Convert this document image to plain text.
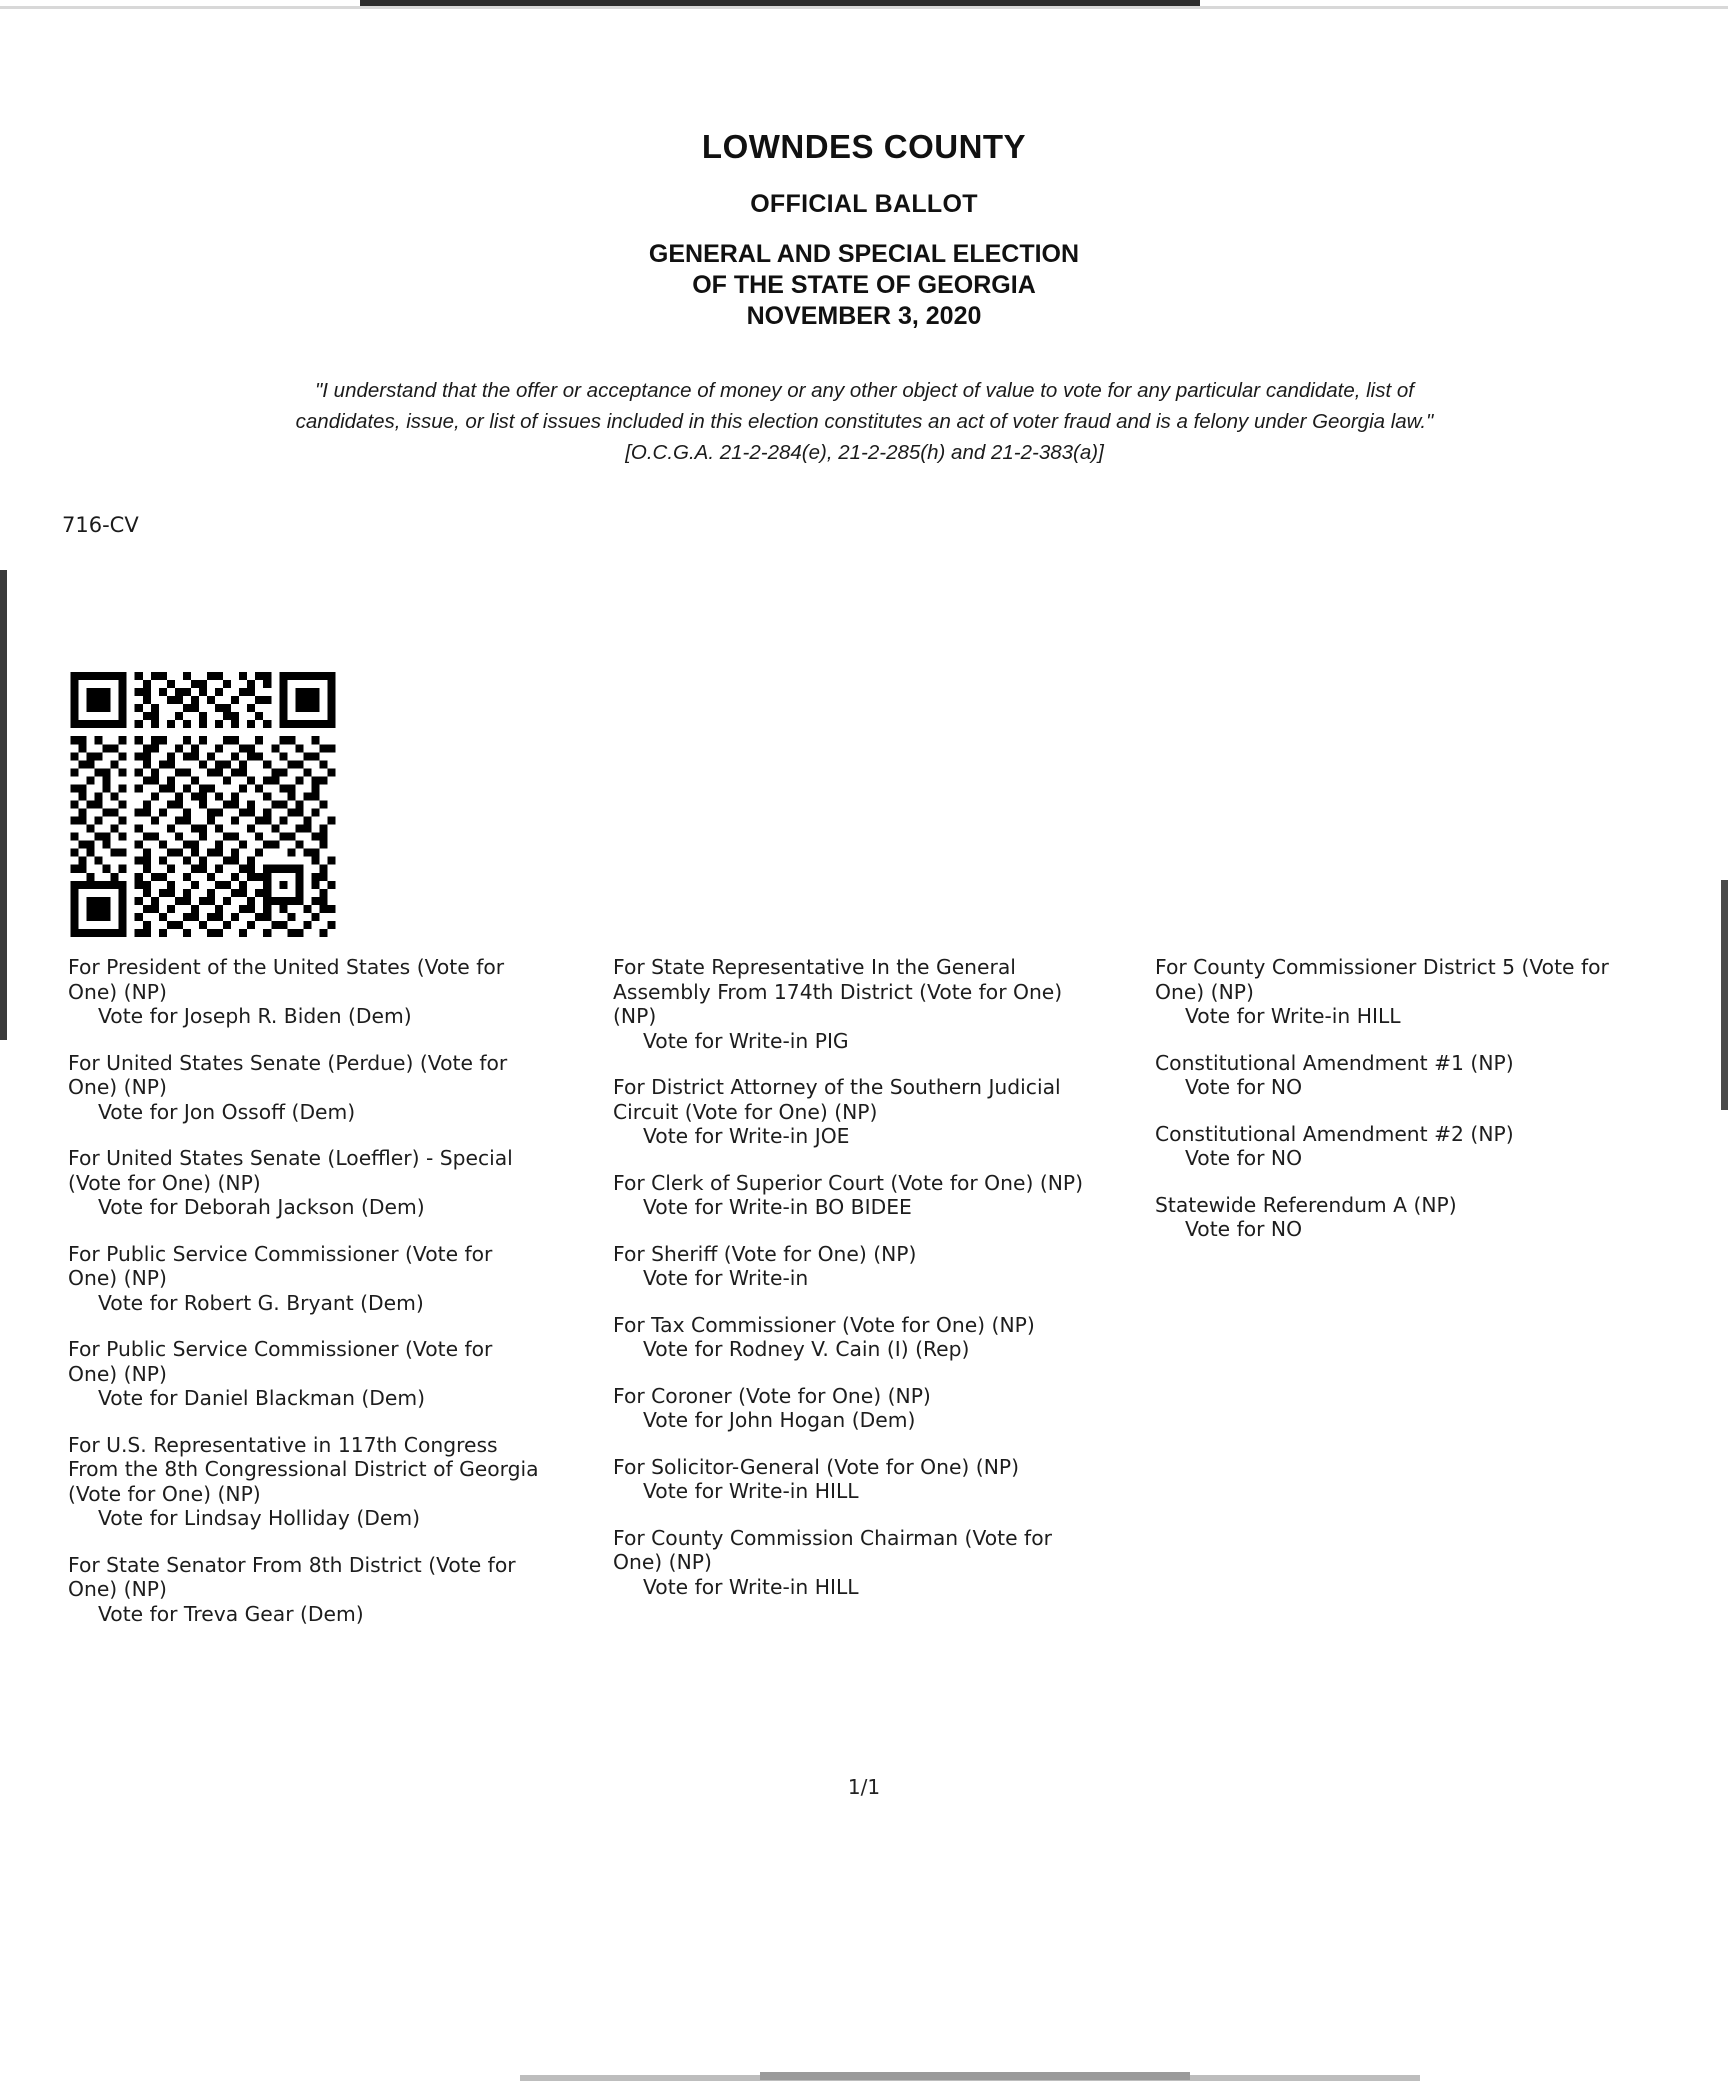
LOWNDES COUNTY
OFFICIAL BALLOT
GENERAL AND SPECIAL ELECTION
OF THE STATE OF GEORGIA
NOVEMBER 3, 2020
"I understand that the offer or acceptance of money or any other object of value to vote for any particular candidate, list of candidates, issue, or list of issues included in this election constitutes an act of voter fraud and is a felony under Georgia law." [O.C.G.A. 21-2-284(e), 21-2-285(h) and 21-2-383(a)]
716-CV
For President of the United States (Vote for One) (NP)
Vote for Joseph R. Biden (Dem)
For United States Senate (Perdue) (Vote for One) (NP)
Vote for Jon Ossoff (Dem)
For United States Senate (Loeffler) - Special (Vote for One) (NP)
Vote for Deborah Jackson (Dem)
For Public Service Commissioner (Vote for One) (NP)
Vote for Robert G. Bryant (Dem)
For Public Service Commissioner (Vote for One) (NP)
Vote for Daniel Blackman (Dem)
For U.S. Representative in 117th Congress From the 8th Congressional District of Georgia (Vote for One) (NP)
Vote for Lindsay Holliday (Dem)
For State Senator From 8th District (Vote for One) (NP)
Vote for Treva Gear (Dem)
For State Representative In the General Assembly From 174th District (Vote for One) (NP)
Vote for Write-in PIG
For District Attorney of the Southern Judicial Circuit (Vote for One) (NP)
Vote for Write-in JOE
For Clerk of Superior Court (Vote for One) (NP)
Vote for Write-in BO BIDEE
For Sheriff (Vote for One) (NP)
Vote for Write-in
For Tax Commissioner (Vote for One) (NP)
Vote for Rodney V. Cain (I) (Rep)
For Coroner (Vote for One) (NP)
Vote for John Hogan (Dem)
For Solicitor-General (Vote for One) (NP)
Vote for Write-in HILL
For County Commission Chairman (Vote for One) (NP)
Vote for Write-in HILL
For County Commissioner District 5 (Vote for One) (NP)
Vote for Write-in HILL
Constitutional Amendment #1 (NP)
Vote for NO
Constitutional Amendment #2 (NP)
Vote for NO
Statewide Referendum A (NP)
Vote for NO
1/1
